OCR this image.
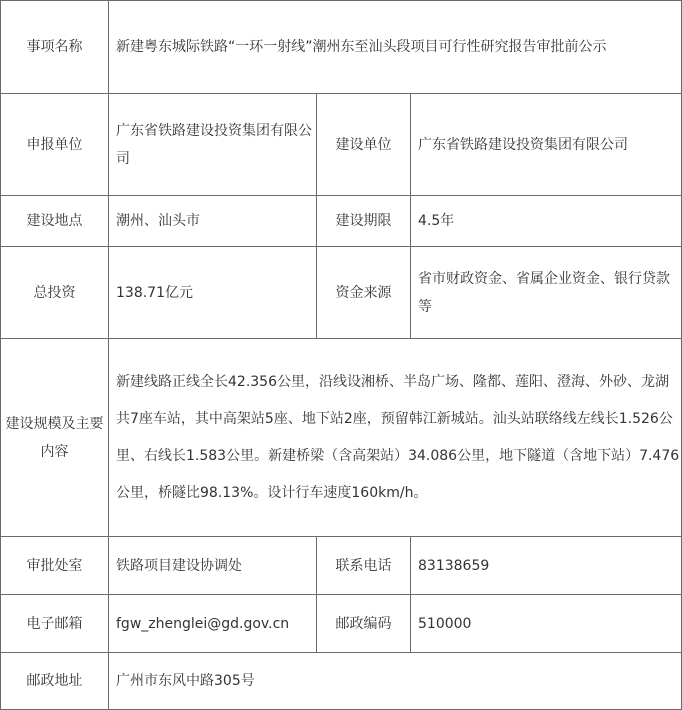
事项名称	新建粤东城际铁路“一环一射线”潮州东至汕头段项目可行性研究报告审批前公示		
申报单位	广东省铁路建设投资集团有限公司	建设单位	广东省铁路建设投资集团有限公司
建设地点	潮州、汕头市	建设期限	4.5年
总投资	138.71亿元	资金来源	省市财政资金、省属企业资金、银行贷款等
建设规模及主要内容	新建线路正线全长42.356公里，沿线设湘桥、半岛广场、隆都、莲阳、澄海、外砂、龙湖共7座车站，其中高架站5座、地下站2座，预留韩江新城站。汕头站联络线左线长1.526公里、右线长1.583公里。新建桥梁（含高架站）34.086公里，地下隧道（含地下站）7.476公里，桥隧比98.13%。设计行车速度160km/h。		
审批处室	铁路项目建设协调处	联系电话	83138659
电子邮箱	fgw_zhenglei@gd.gov.cn	邮政编码	510000
邮政地址	广州市东风中路305号		
